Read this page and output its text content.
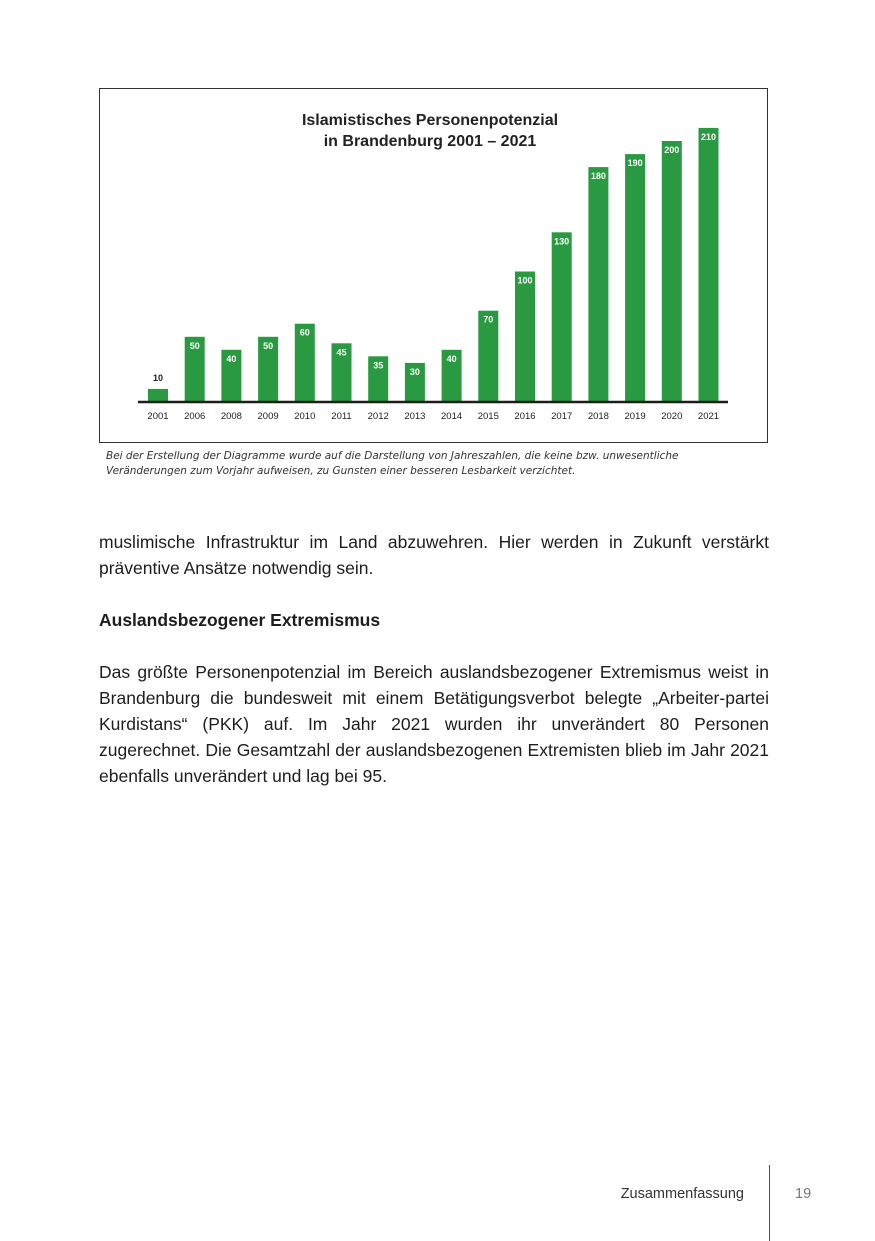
Islamistisches Personenpotenzial
in Brandenburg 2001 – 2021
10
2001
50
2006
40
2008
50
2009
60
2010
45
2011
35
2012
30
2013
40
2014
70
2015
100
2016
130
2017
180
2018
190
2019
200
2020
210
2021
Bei der Erstellung der Diagramme wurde auf die Darstellung von Jahreszahlen, die keine bzw. unwesentliche
Veränderungen zum Vorjahr aufweisen, zu Gunsten einer besseren Lesbarkeit verzichtet.
muslimische Infrastruktur im Land abzuwehren. Hier werden in Zukunft verstärkt präventive Ansätze notwendig sein.
Auslandsbezogener Extremismus
Das größte Personenpotenzial im Bereich auslandsbezogener Extremismus weist in Brandenburg die bundesweit mit einem Betätigungsverbot belegte „Arbeiter-partei Kurdistans“ (PKK) auf. Im Jahr 2021 wurden ihr unverändert 80 Personen zugerechnet. Die Gesamtzahl der auslandsbezogenen Extremisten blieb im Jahr 2021 ebenfalls unverändert und lag bei 95.
Zusammenfassung	19
